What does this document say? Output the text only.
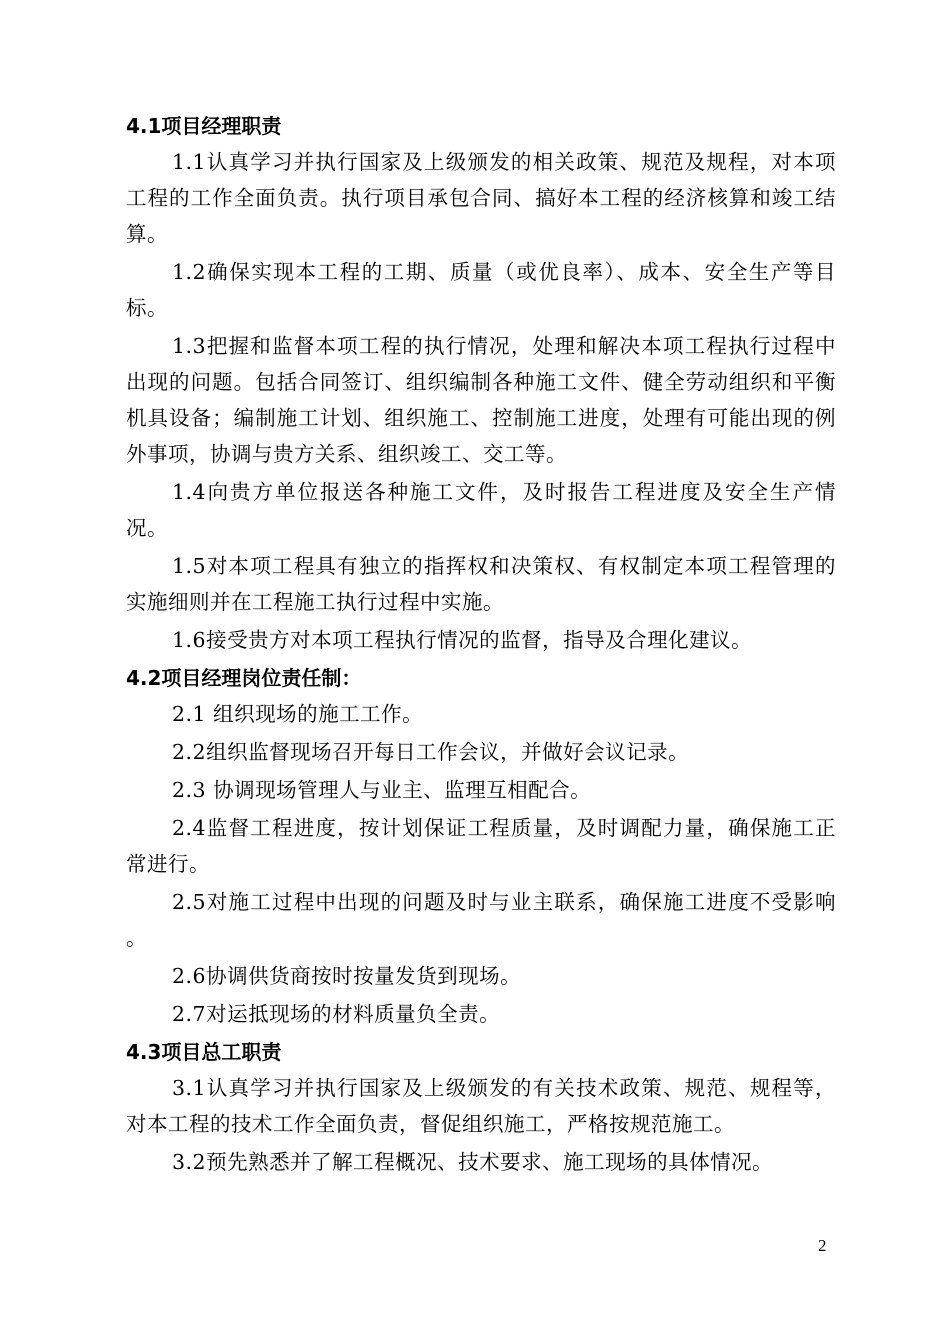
4.1项目经理职责

1.1认真学习并执行国家及上级颁发的相关政策、规范及规程，对本项工程的工作全面负责。执行项目承包合同、搞好本工程的经济核算和竣工结算。

1.2确保实现本工程的工期、质量（或优良率）、成本、安全生产等目标。

1.3把握和监督本项工程的执行情况，处理和解决本项工程执行过程中出现的问题。包括合同签订、组织编制各种施工文件、健全劳动组织和平衡机具设备；编制施工计划、组织施工、控制施工进度，处理有可能出现的例外事项，协调与贵方关系、组织竣工、交工等。

1.4向贵方单位报送各种施工文件，及时报告工程进度及安全生产情况。

1.5对本项工程具有独立的指挥权和决策权、有权制定本项工程管理的实施细则并在工程施工执行过程中实施。

1.6接受贵方对本项工程执行情况的监督，指导及合理化建议。

4.2项目经理岗位责任制：

2.1 组织现场的施工工作。

2.2组织监督现场召开每日工作会议，并做好会议记录。

2.3 协调现场管理人与业主、监理互相配合。

2.4监督工程进度，按计划保证工程质量，及时调配力量，确保施工正常进行。

2.5对施工过程中出现的问题及时与业主联系，确保施工进度不受影响 。

2.6协调供货商按时按量发货到现场。

2.7对运抵现场的材料质量负全责。

4.3项目总工职责

3.1认真学习并执行国家及上级颁发的有关技术政策、规范、规程等，对本工程的技术工作全面负责，督促组织施工，严格按规范施工。

3.2预先熟悉并了解工程概况、技术要求、施工现场的具体情况。

2
